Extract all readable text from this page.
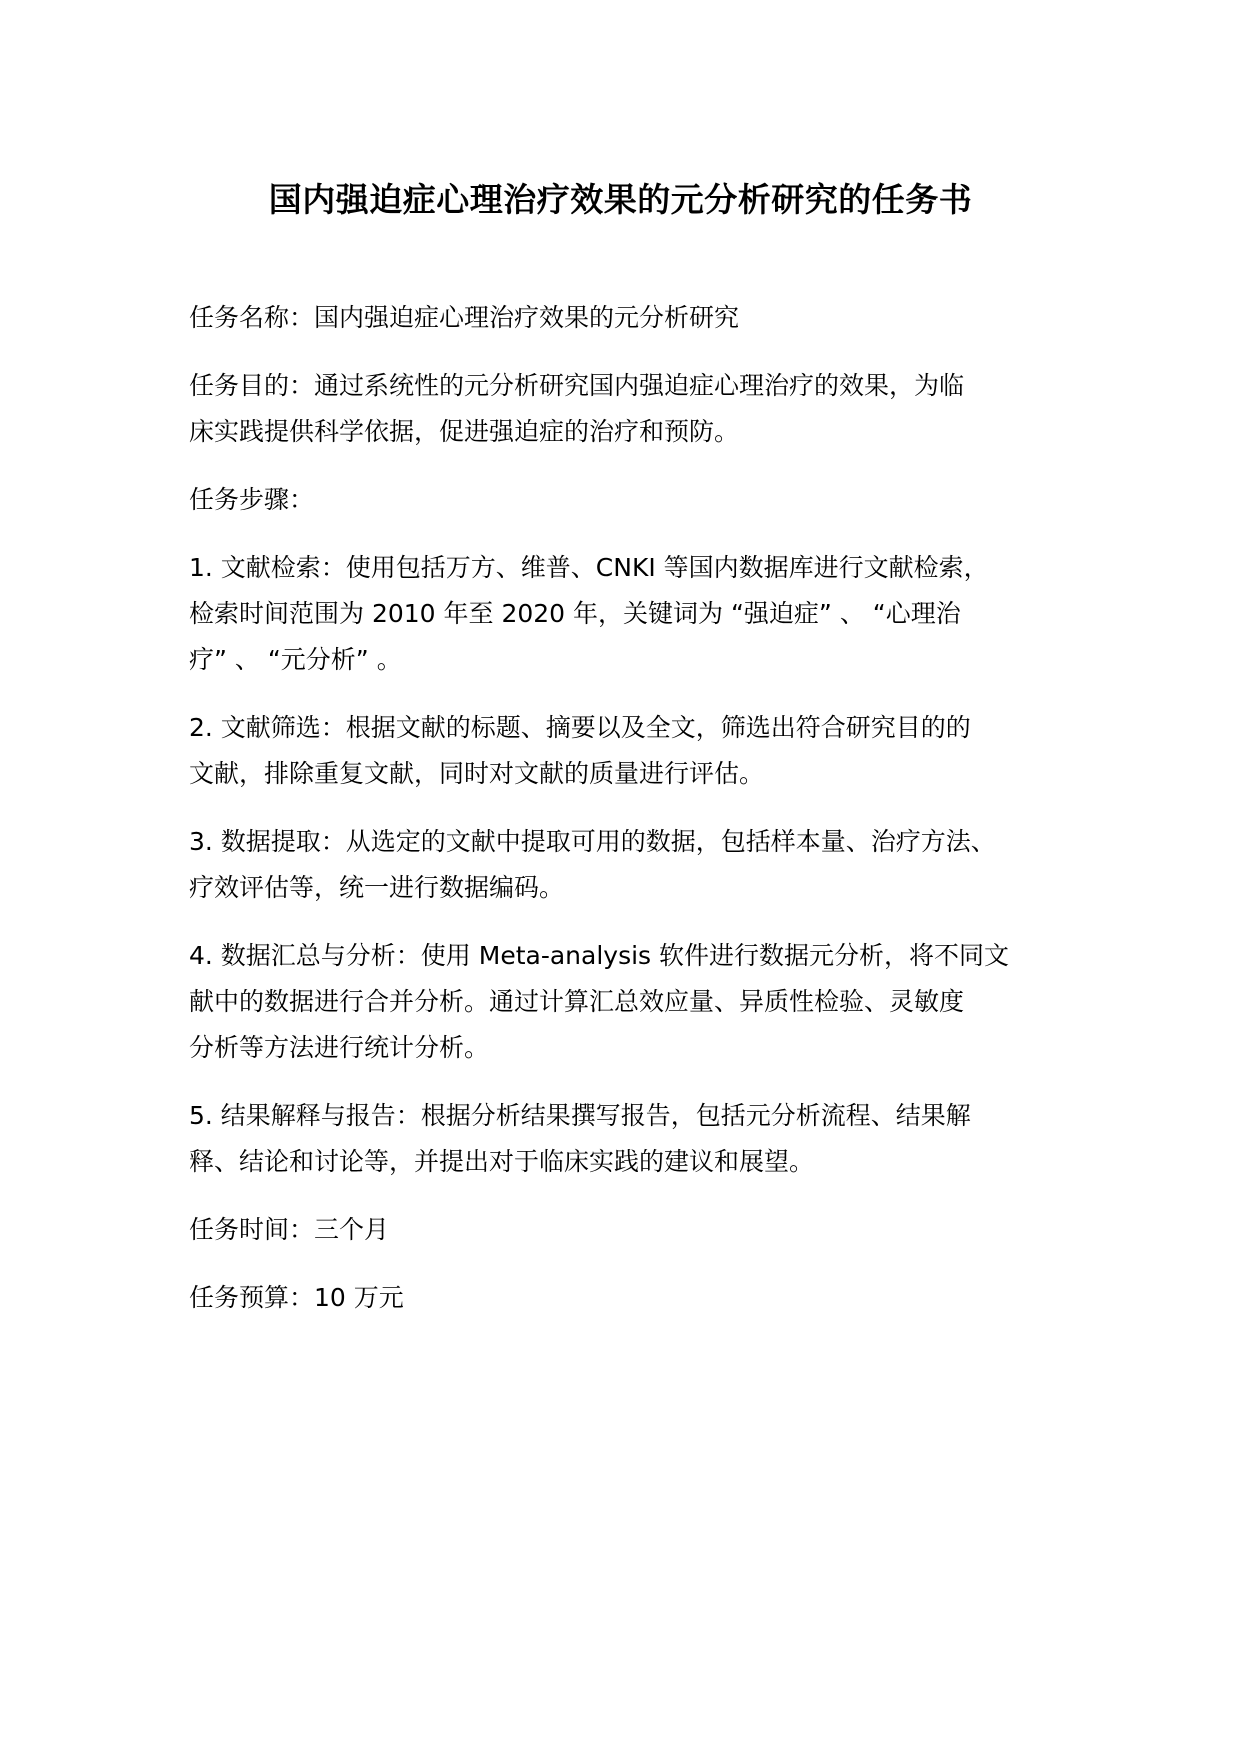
国内强迫症心理治疗效果的元分析研究的任务书

任务名称：国内强迫症心理治疗效果的元分析研究

任务目的：通过系统性的元分析研究国内强迫症心理治疗的效果，为临
床实践提供科学依据，促进强迫症的治疗和预防。

任务步骤：

1. 文献检索：使用包括万方、维普、CNKI 等国内数据库进行文献检索，
检索时间范围为 2010 年至 2020 年，关键词为 “强迫症” 、 “心理治
疗” 、 “元分析” 。

2. 文献筛选：根据文献的标题、摘要以及全文，筛选出符合研究目的的
文献，排除重复文献，同时对文献的质量进行评估。

3. 数据提取：从选定的文献中提取可用的数据，包括样本量、治疗方法、
疗效评估等，统一进行数据编码。

4. 数据汇总与分析：使用 Meta-analysis 软件进行数据元分析，将不同文
献中的数据进行合并分析。通过计算汇总效应量、异质性检验、灵敏度
分析等方法进行统计分析。

5. 结果解释与报告：根据分析结果撰写报告，包括元分析流程、结果解
释、结论和讨论等，并提出对于临床实践的建议和展望。

任务时间：三个月

任务预算：10 万元
